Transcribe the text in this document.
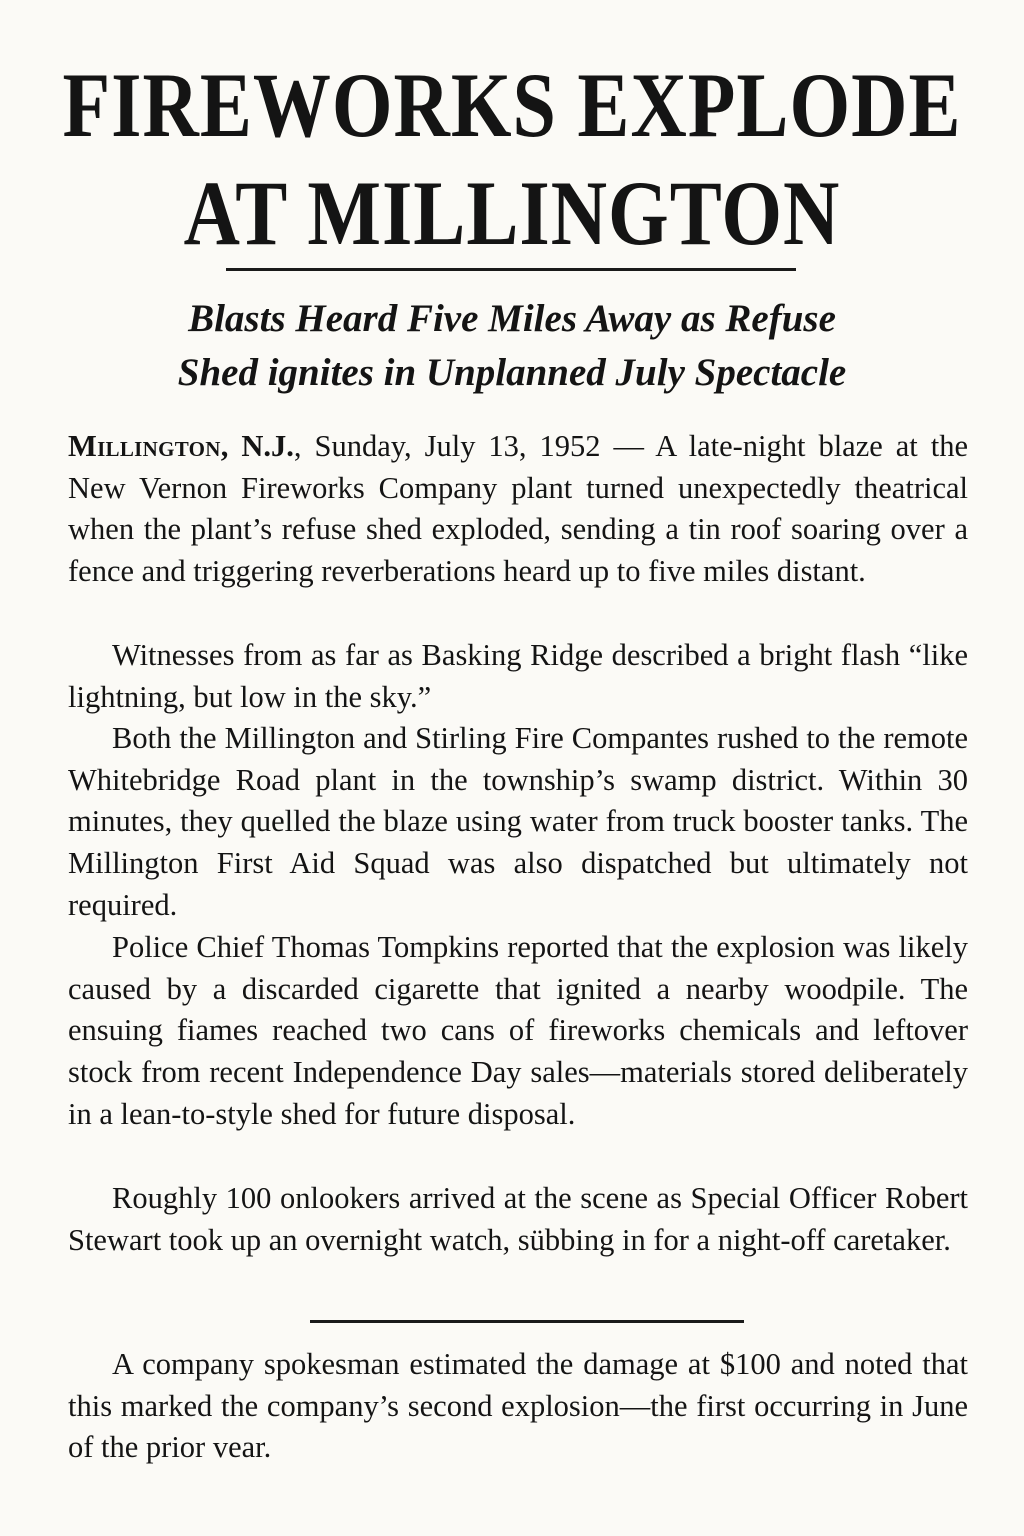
FIREWORKS EXPLODE
AT MILLINGTON
Blasts Heard Five Miles Away as Refuse
Shed ignites in Unplanned July Spectacle

Millington, N.J., Sunday, July 13, 1952 — A late-night blaze at the New Vernon Fireworks Company plant turned unexpectedly theatrical when the plant’s refuse shed exploded, sending a tin roof soaring over a fence and triggering reverberations heard up to five miles distant.

Witnesses from as far as Basking Ridge described a bright flash “like lightning, but low in the sky.”

Both the Millington and Stirling Fire Compantes rushed to the remote Whitebridge Road plant in the township’s swamp district. Within 30 minutes, they quelled the blaze using water from truck booster tanks. The Millington First Aid Squad was also dispatched but ultimately not required.

Police Chief Thomas Tompkins reported that the explosion was likely caused by a discarded cigarette that ignited a nearby woodpile. The ensuing fiames reached two cans of fireworks chemicals and leftover stock from recent Independence Day sales—materials stored deliberately in a lean-to-style shed for future disposal.

Roughly 100 onlookers arrived at the scene as Special Officer Robert Stewart took up an overnight watch, sübbing in for a night-off caretaker.

A company spokesman estimated the damage at $100 and noted that this marked the company’s second explosion—the first occurring in June of the prior vear.
